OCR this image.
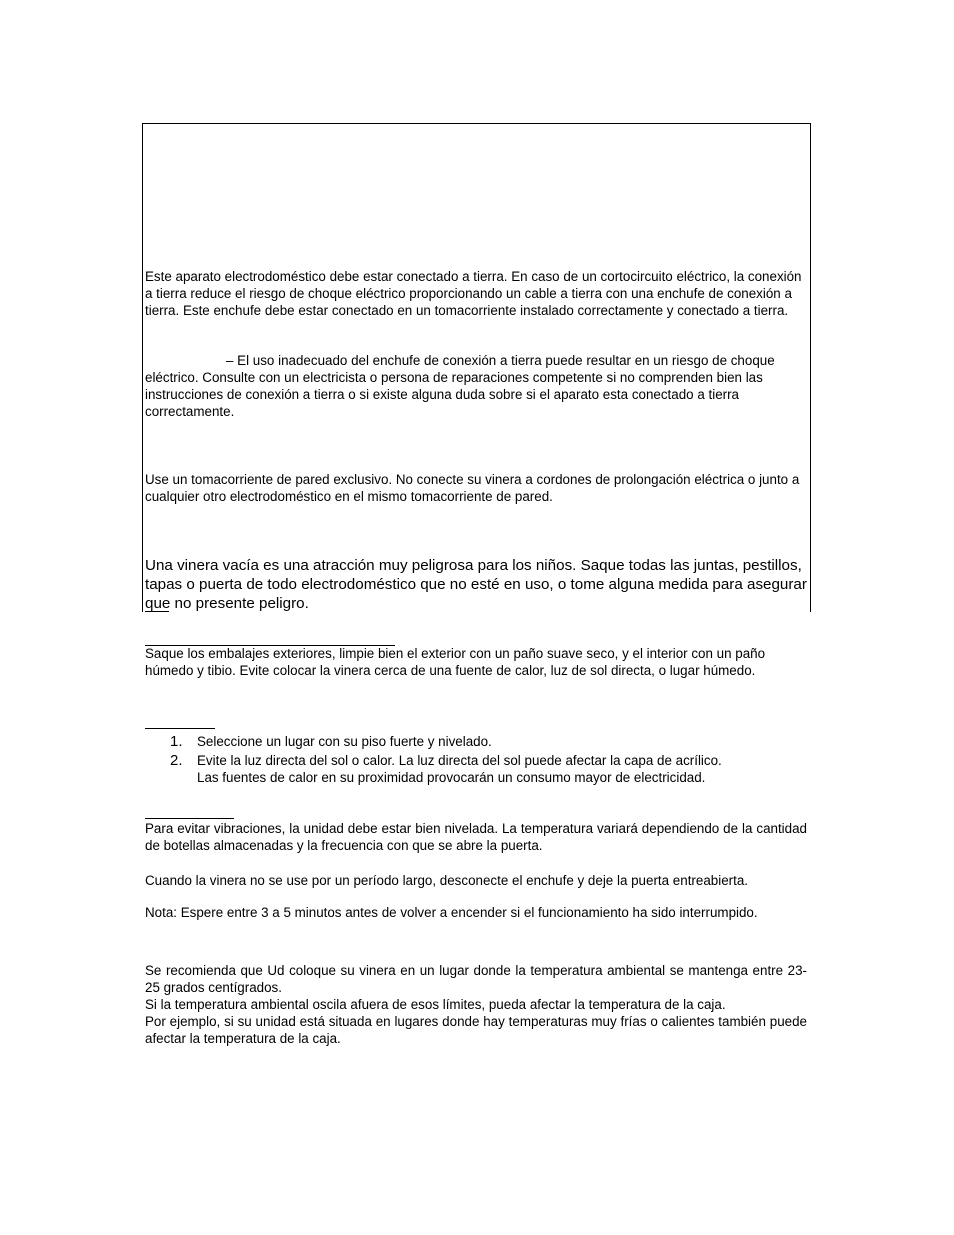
Este aparato electrodoméstico debe estar conectado a tierra. En caso de un cortocircuito eléctrico, la conexión a tierra reduce el riesgo de choque eléctrico proporcionando un cable a tierra con una enchufe de conexión a tierra. Este enchufe debe estar conectado en un tomacorriente instalado correctamente y conectado a tierra.

– El uso inadecuado del enchufe de conexión a tierra puede resultar en un riesgo de choque eléctrico. Consulte con un electricista o persona de reparaciones competente si no comprenden bien las instrucciones de conexión a tierra o si existe alguna duda sobre si el aparato esta conectado a tierra correctamente.

Use un tomacorriente de pared exclusivo. No conecte su vinera a cordones de prolongación eléctrica o junto a cualquier otro electrodoméstico en el mismo tomacorriente de pared.

Una vinera vacía es una atracción muy peligrosa para los niños. Saque todas las juntas, pestillos, tapas o puerta de todo electrodoméstico que no esté en uso, o tome alguna medida para asegurar que no presente peligro.

Saque los embalajes exteriores, limpie bien el exterior con un paño suave seco, y el interior con un paño húmedo y tibio. Evite colocar la vinera cerca de una fuente de calor, luz de sol directa, o lugar húmedo.

1. Seleccione un lugar con su piso fuerte y nivelado.
2. Evite la luz directa del sol o calor. La luz directa del sol puede afectar la capa de acrílico.
Las fuentes de calor en su proximidad provocarán un consumo mayor de electricidad.

Para evitar vibraciones, la unidad debe estar bien nivelada. La temperatura variará dependiendo de la cantidad de botellas almacenadas y la frecuencia con que se abre la puerta.

Cuando la vinera no se use por un período largo, desconecte el enchufe y deje la puerta entreabierta.

Nota: Espere entre 3 a 5 minutos antes de volver a encender si el funcionamiento ha sido interrumpido.

Se recomienda que Ud coloque su vinera en un lugar donde la temperatura ambiental se mantenga entre 23-25 grados centígrados.

Si la temperatura ambiental oscila afuera de esos límites, pueda afectar la temperatura de la caja.

Por ejemplo, si su unidad está situada en lugares donde hay temperaturas muy frías o calientes también puede afectar la temperatura de la caja.
